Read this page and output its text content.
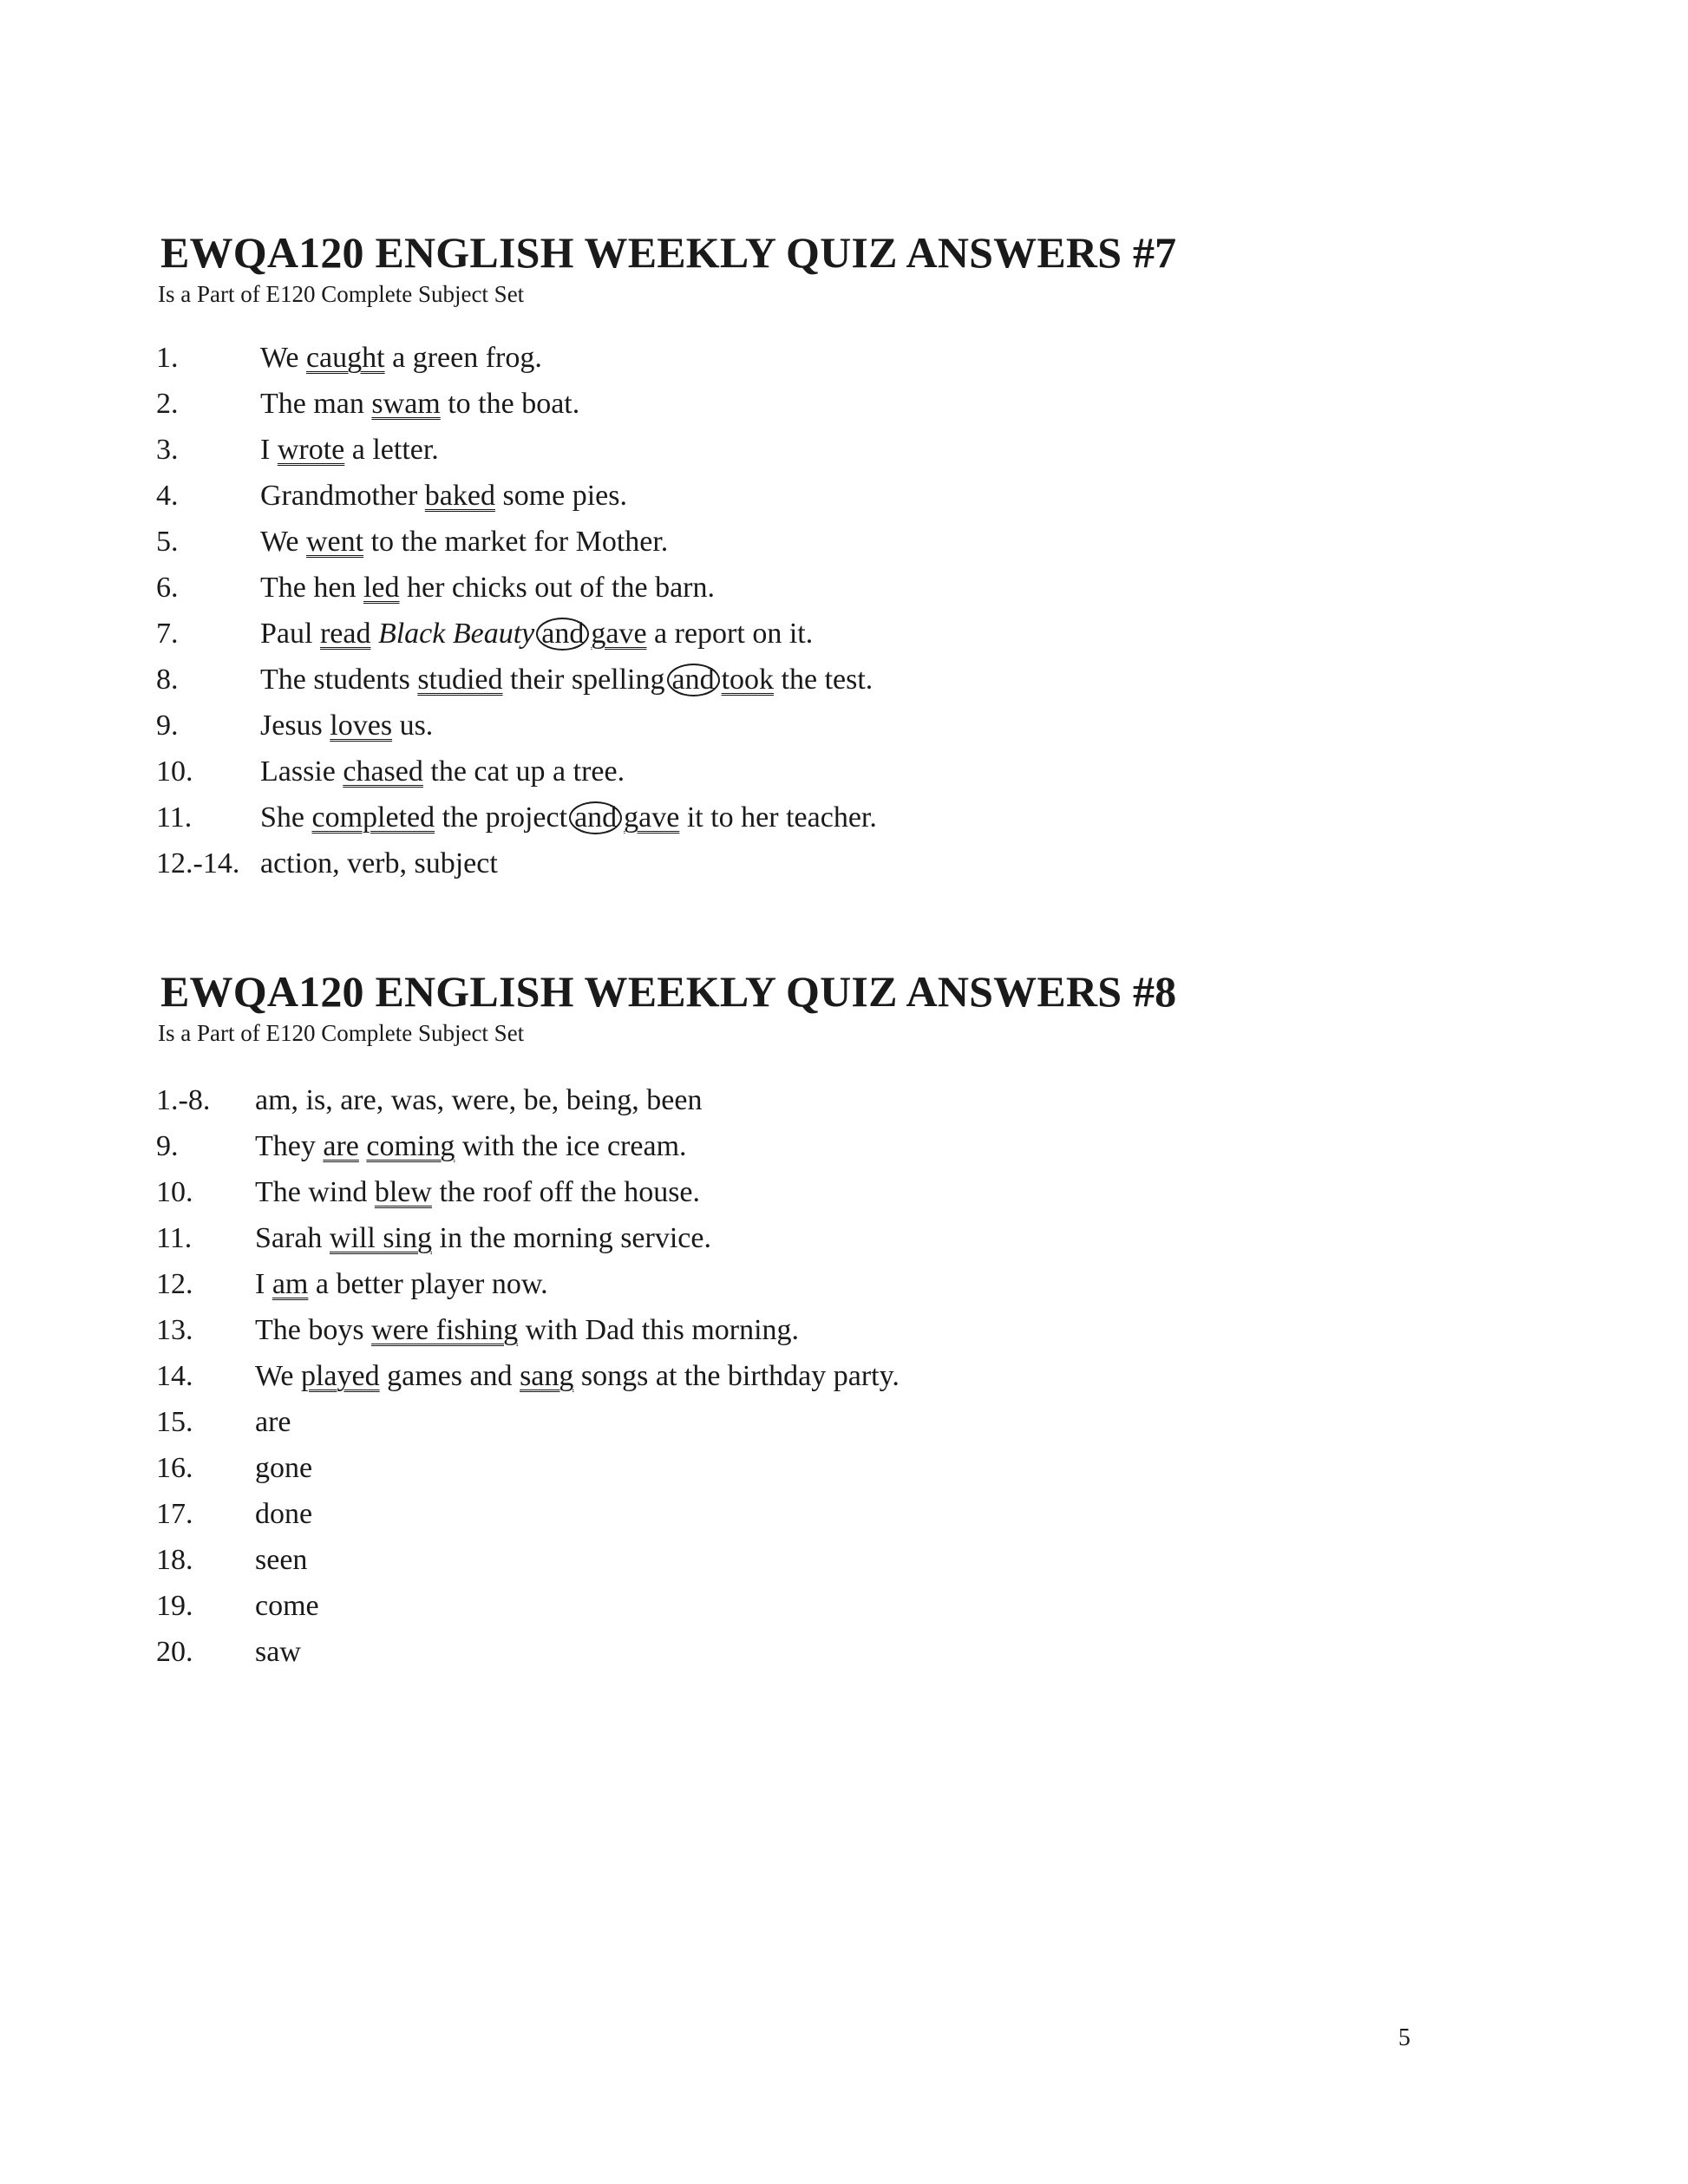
EWQA120 ENGLISH WEEKLY QUIZ ANSWERS #7

Is a Part of E120 Complete Subject Set

1.	We caught a green frog.
2.	The man swam to the boat.
3.	I wrote a letter.
4.	Grandmother baked some pies.
5.	We went to the market for Mother.
6.	The hen led her chicks out of the barn.
7.	Paul read Black Beauty and gave a report on it.
8.	The students studied their spelling and took the test.
9.	Jesus loves us.
10. Lassie chased the cat up a tree.
11. She completed the project and gave it to her teacher.
12.-14. action, verb, subject
EWQA120 ENGLISH WEEKLY QUIZ ANSWERS #8

Is a Part of E120 Complete Subject Set

1.-8. am, is, are, was, were, be, being, been
9.	They are coming with the ice cream.
10. The wind blew the roof off the house.
11. Sarah will sing in the morning service.
12. I am a better player now.
13. The boys were fishing with Dad this morning.
14. We played games and sang songs at the birthday party.
15. are
16. gone
17. done
18. seen
19. come
20. saw
5
